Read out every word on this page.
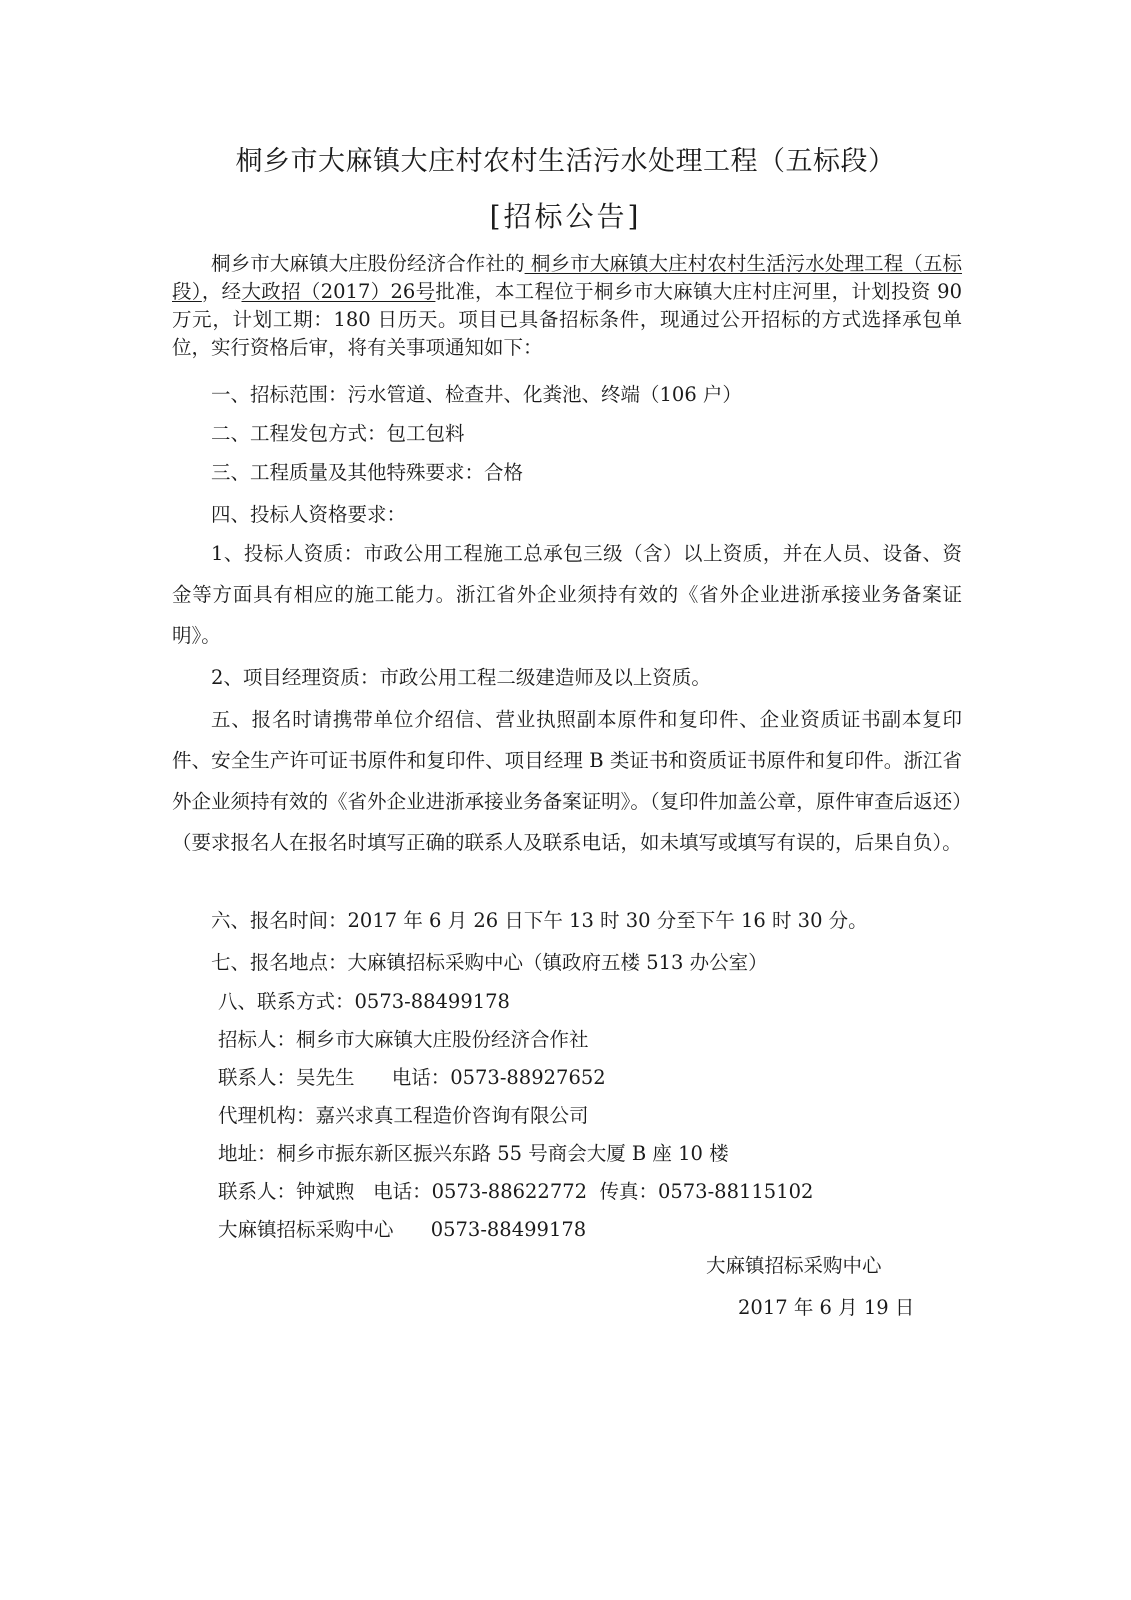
桐乡市大麻镇大庄村农村生活污水处理工程（五标段）
[招标公告]
桐乡市大麻镇大庄股份经济合作社的 桐乡市大麻镇大庄村农村生活污水处理工程（五标段），经大政招（2017）26号批准，本工程位于桐乡市大麻镇大庄村庄河里，计划投资 90 万元，计划工期：180 日历天。项目已具备招标条件，现通过公开招标的方式选择承包单位，实行资格后审，将有关事项通知如下：
一、招标范围：污水管道、检查井、化粪池、终端（106 户）
二、工程发包方式：包工包料
三、工程质量及其他特殊要求：合格
四、投标人资格要求：
1、投标人资质：市政公用工程施工总承包三级（含）以上资质，并在人员、设备、资金等方面具有相应的施工能力。浙江省外企业须持有效的《省外企业进浙承接业务备案证明》。
2、项目经理资质：市政公用工程二级建造师及以上资质。
五、报名时请携带单位介绍信、营业执照副本原件和复印件、企业资质证书副本复印件、安全生产许可证书原件和复印件、项目经理 B 类证书和资质证书原件和复印件。浙江省外企业须持有效的《省外企业进浙承接业务备案证明》。（复印件加盖公章，原件审查后返还）（要求报名人在报名时填写正确的联系人及联系电话，如未填写或填写有误的，后果自负）。
六、报名时间：2017 年 6 月 26 日下午 13 时 30 分至下午 16 时 30 分。
七、报名地点：大麻镇招标采购中心（镇政府五楼 513 办公室）
八、联系方式：0573-88499178
招标人：桐乡市大麻镇大庄股份经济合作社
联系人：吴先生      电话：0573-88927652
代理机构：嘉兴求真工程造价咨询有限公司
地址：桐乡市振东新区振兴东路 55 号商会大厦 B 座 10 楼
联系人：钟斌煦   电话：0573-88622772  传真：0573-88115102
大麻镇招标采购中心      0573-88499178
大麻镇招标采购中心
2017 年 6 月 19 日
